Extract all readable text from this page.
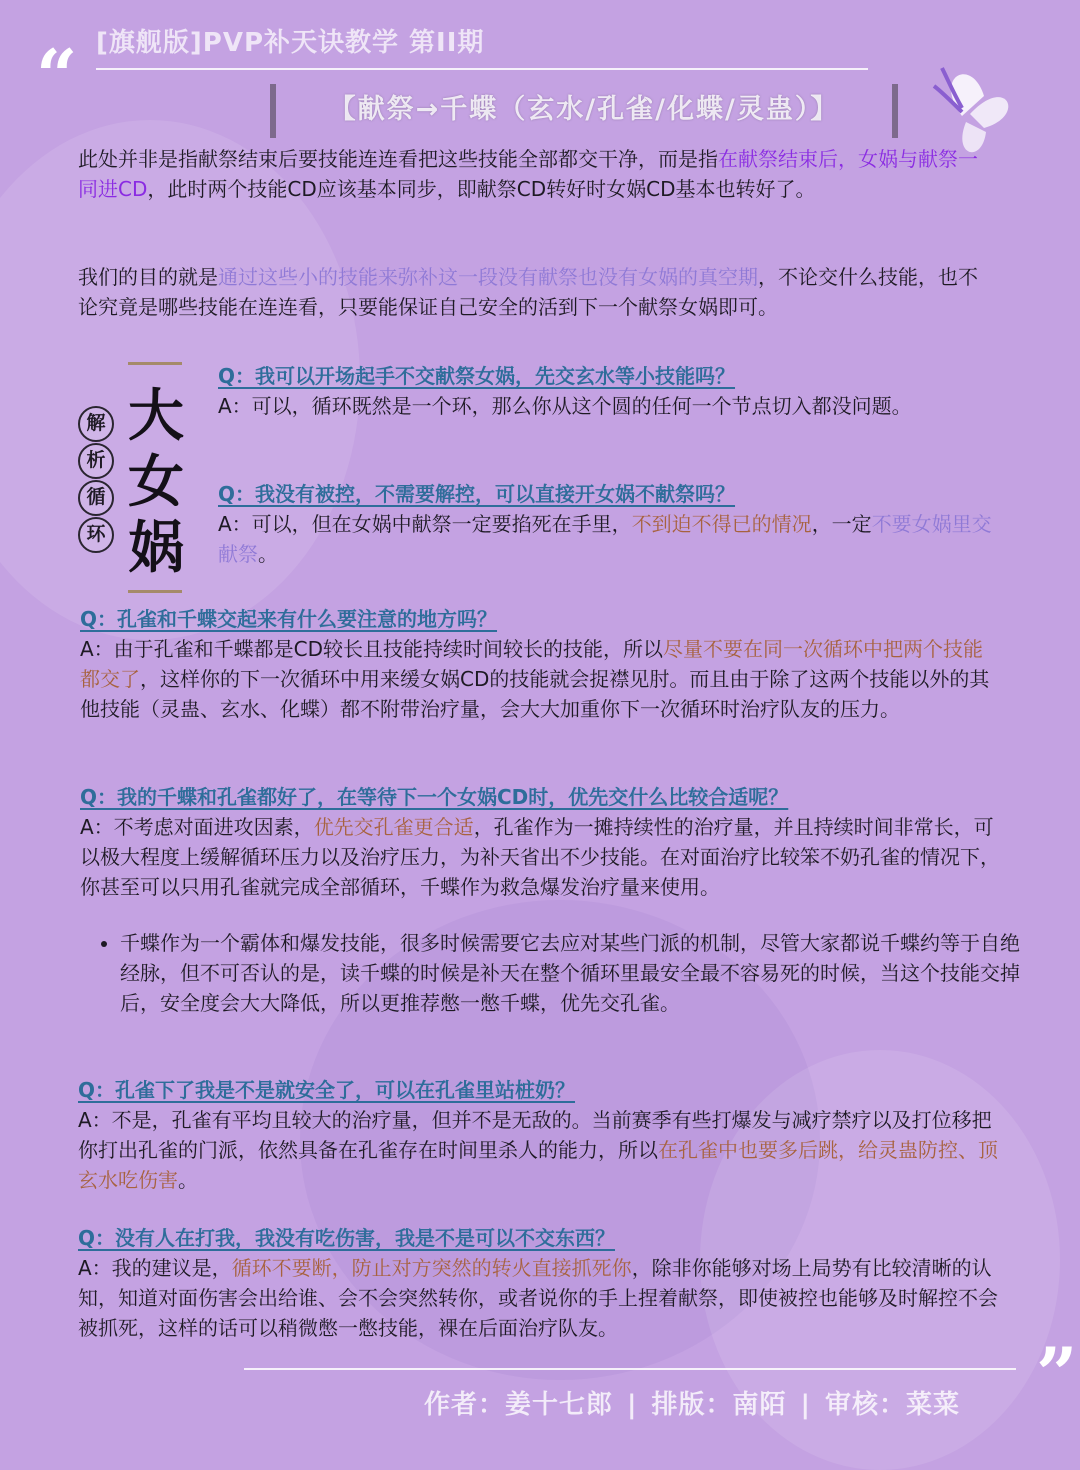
“ [旗舰版]PVP补天诀教学 第II期
【献祭→千蝶（玄水/孔雀/化蝶/灵蛊）】
此处并非是指献祭结束后要技能连连看把这些技能全部都交干净，而是指在献祭结束后，女娲与献祭一同进CD，此时两个技能CD应该基本同步，即献祭CD转好时女娲CD基本也转好了。
我们的目的就是通过这些小的技能来弥补这一段没有献祭也没有女娲的真空期，不论交什么技能，也不论究竟是哪些技能在连连看，只要能保证自己安全的活到下一个献祭女娲即可。
解
析
循
环
大
女
娲
Q：我可以开场起手不交献祭女娲，先交玄水等小技能吗？
A：可以，循环既然是一个环，那么你从这个圆的任何一个节点切入都没问题。
Q：我没有被控，不需要解控，可以直接开女娲不献祭吗？
A：可以，但在女娲中献祭一定要掐死在手里，不到迫不得已的情况，一定不要女娲里交献祭。
Q：孔雀和千蝶交起来有什么要注意的地方吗？
A：由于孔雀和千蝶都是CD较长且技能持续时间较长的技能，所以尽量不要在同一次循环中把两个技能都交了，这样你的下一次循环中用来缓女娲CD的技能就会捉襟见肘。而且由于除了这两个技能以外的其他技能（灵蛊、玄水、化蝶）都不附带治疗量，会大大加重你下一次循环时治疗队友的压力。
Q：我的千蝶和孔雀都好了，在等待下一个女娲CD时，优先交什么比较合适呢？
A：不考虑对面进攻因素，优先交孔雀更合适，孔雀作为一摊持续性的治疗量，并且持续时间非常长，可以极大程度上缓解循环压力以及治疗压力，为补天省出不少技能。在对面治疗比较笨不奶孔雀的情况下，你甚至可以只用孔雀就完成全部循环，千蝶作为救急爆发治疗量来使用。
• 千蝶作为一个霸体和爆发技能，很多时候需要它去应对某些门派的机制，尽管大家都说千蝶约等于自绝经脉，但不可否认的是，读千蝶的时候是补天在整个循环里最安全最不容易死的时候，当这个技能交掉后，安全度会大大降低，所以更推荐憋一憋千蝶，优先交孔雀。
Q：孔雀下了我是不是就安全了，可以在孔雀里站桩奶？
A：不是，孔雀有平均且较大的治疗量，但并不是无敌的。当前赛季有些打爆发与减疗禁疗以及打位移把你打出孔雀的门派，依然具备在孔雀存在时间里杀人的能力，所以在孔雀中也要多后跳，给灵蛊防控、顶玄水吃伤害。
Q：没有人在打我，我没有吃伤害，我是不是可以不交东西？
A：我的建议是，循环不要断，防止对方突然的转火直接抓死你，除非你能够对场上局势有比较清晰的认知，知道对面伤害会出给谁、会不会突然转你，或者说你的手上捏着献祭，即使被控也能够及时解控不会被抓死，这样的话可以稍微憋一憋技能，裸在后面治疗队友。
”
作者：姜十七郎 | 排版：南陌 | 审核：菜菜
